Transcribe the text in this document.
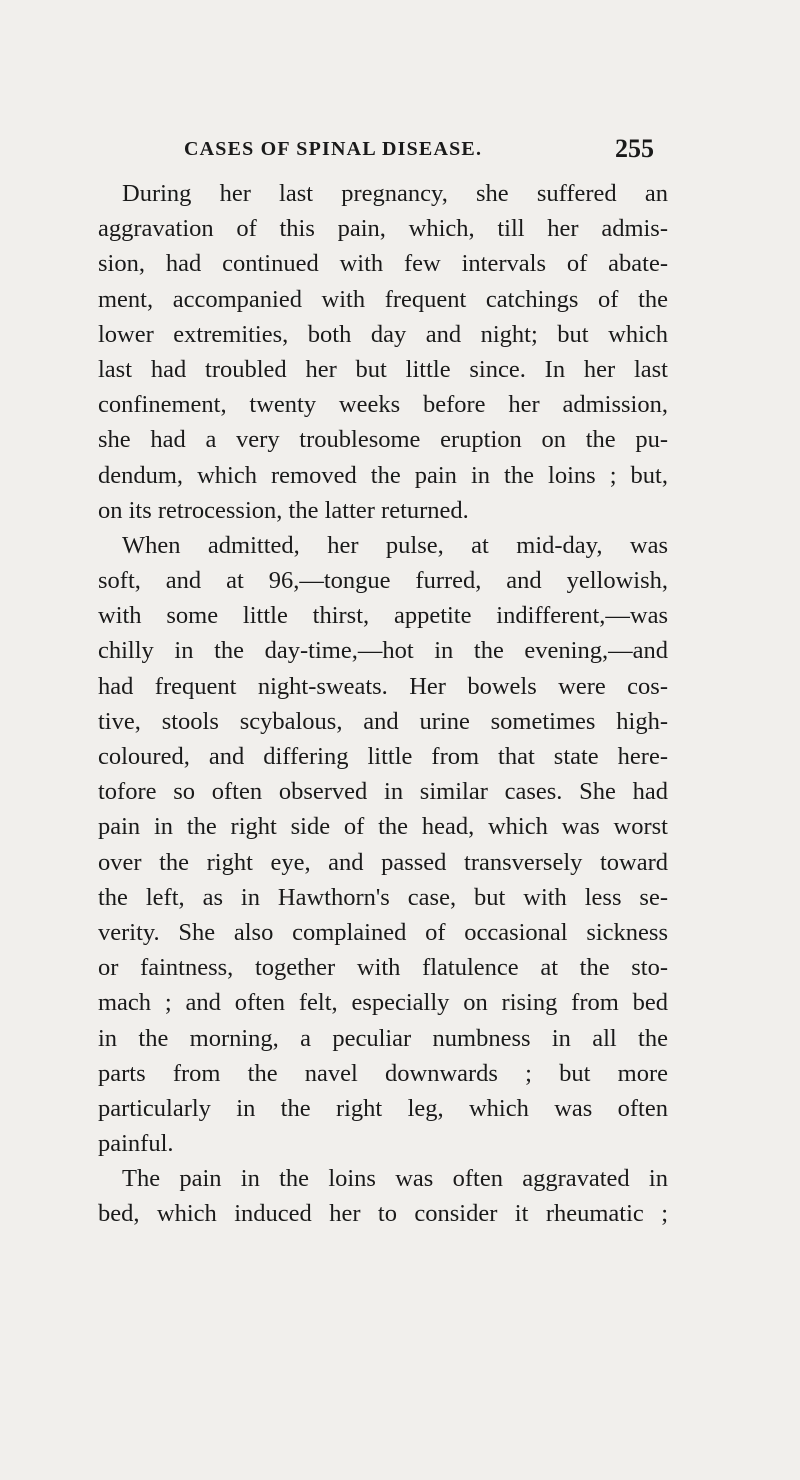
CASES OF SPINAL DISEASE.	255
During her last pregnancy, she suffered an
aggravation of this pain, which, till her admis-
sion, had continued with few intervals of abate-
ment, accompanied with frequent catchings of the
lower extremities, both day and night; but which
last had troubled her but little since. In her last
confinement, twenty weeks before her admission,
she had a very troublesome eruption on the pu-
dendum, which removed the pain in the loins ; but,
on its retrocession, the latter returned.
When admitted, her pulse, at mid-day, was
soft, and at 96,—tongue furred, and yellowish,
with some little thirst, appetite indifferent,—was
chilly in the day-time,—hot in the evening,—and
had frequent night-sweats. Her bowels were cos-
tive, stools scybalous, and urine sometimes high-
coloured, and differing little from that state here-
tofore so often observed in similar cases. She had
pain in the right side of the head, which was worst
over the right eye, and passed transversely toward
the left, as in Hawthorn's case, but with less se-
verity. She also complained of occasional sickness
or faintness, together with flatulence at the sto-
mach ; and often felt, especially on rising from bed
in the morning, a peculiar numbness in all the
parts from the navel downwards ; but more
particularly in the right leg, which was often
painful.
The pain in the loins was often aggravated in
bed, which induced her to consider it rheumatic ;
